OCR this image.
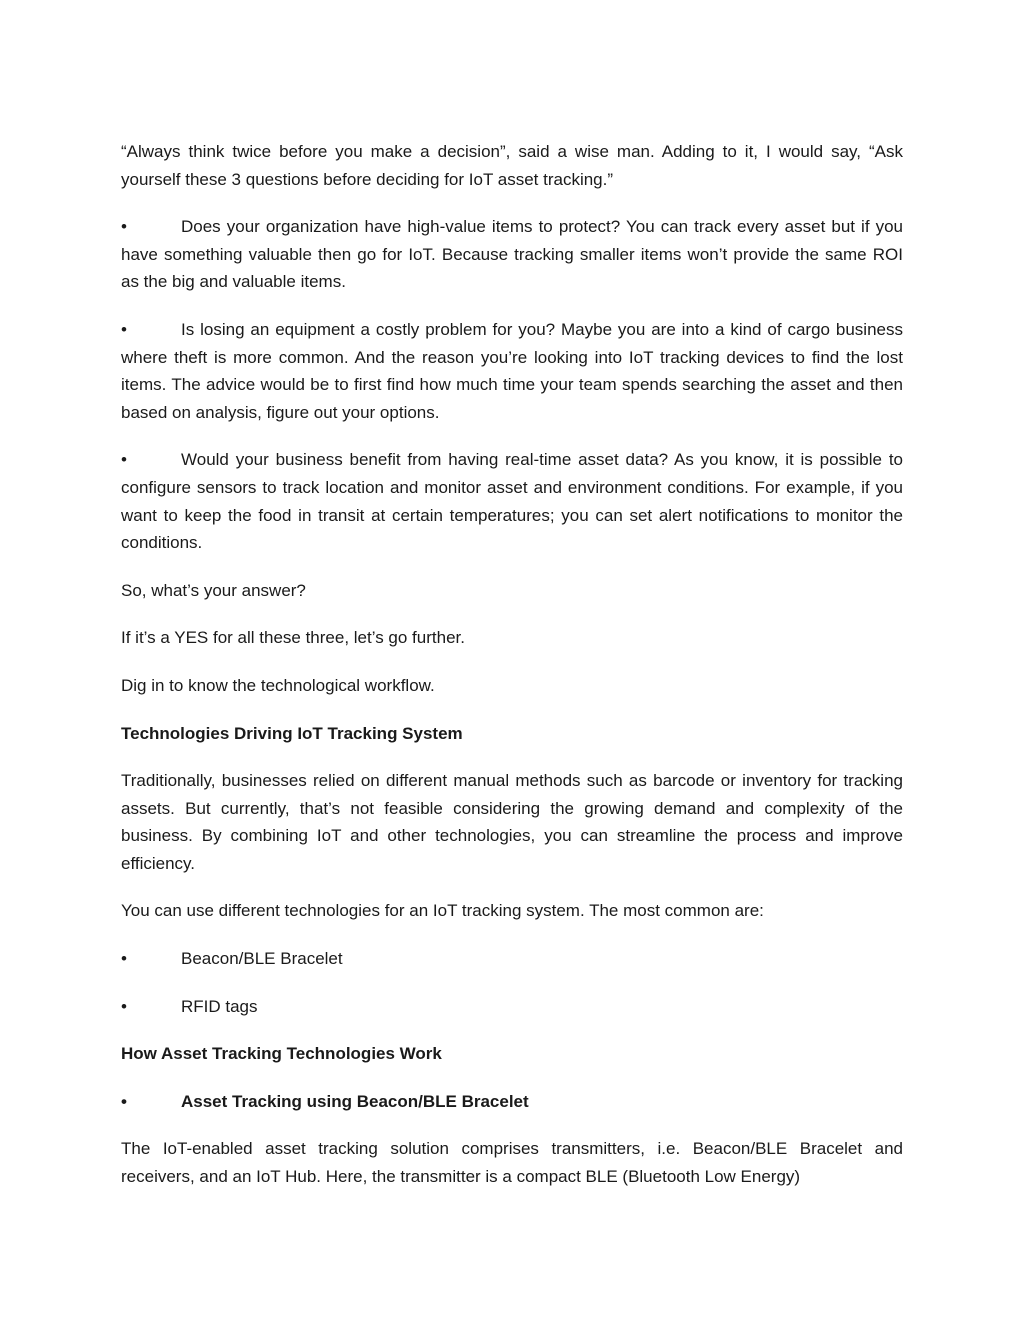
“Always think twice before you make a decision”, said a wise man. Adding to it, I would say, “Ask yourself these 3 questions before deciding for IoT asset tracking.”

•	Does your organization have high-value items to protect? You can track every asset but if you have something valuable then go for IoT. Because tracking smaller items won’t provide the same ROI as the big and valuable items.

•	Is losing an equipment a costly problem for you? Maybe you are into a kind of cargo business where theft is more common. And the reason you’re looking into IoT tracking devices to find the lost items. The advice would be to first find how much time your team spends searching the asset and then based on analysis, figure out your options.

•	Would your business benefit from having real-time asset data? As you know, it is possible to configure sensors to track location and monitor asset and environment conditions. For example, if you want to keep the food in transit at certain temperatures; you can set alert notifications to monitor the conditions.

So, what’s your answer?

If it’s a YES for all these three, let’s go further.

Dig in to know the technological workflow.

Technologies Driving IoT Tracking System

Traditionally, businesses relied on different manual methods such as barcode or inventory for tracking assets. But currently, that’s not feasible considering the growing demand and complexity of the business. By combining IoT and other technologies, you can streamline the process and improve efficiency.

You can use different technologies for an IoT tracking system. The most common are:

•	Beacon/BLE Bracelet

•	RFID tags

How Asset Tracking Technologies Work

•	Asset Tracking using Beacon/BLE Bracelet

The IoT-enabled asset tracking solution comprises transmitters, i.e. Beacon/BLE Bracelet and receivers, and an IoT Hub. Here, the transmitter is a compact BLE (Bluetooth Low Energy)
